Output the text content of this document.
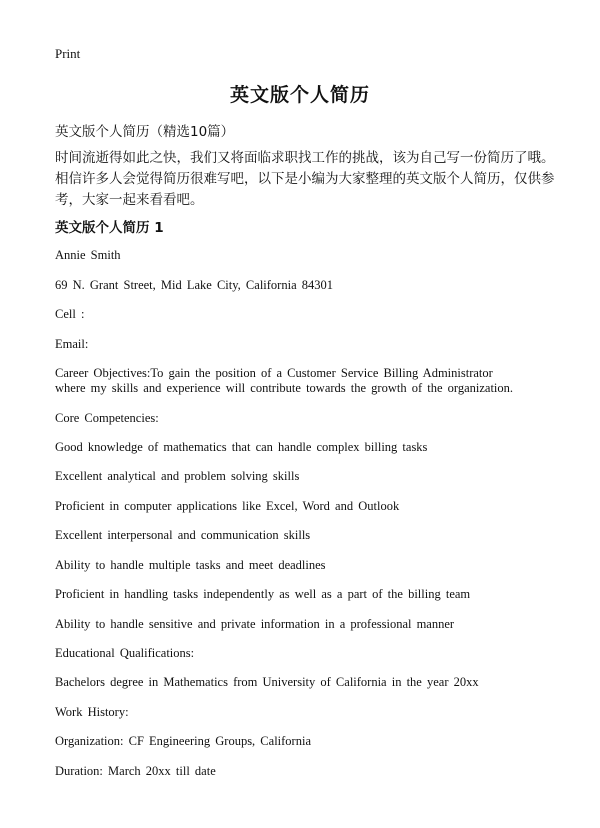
Print
英文版个人简历
英文版个人简历（精选10篇）
时间流逝得如此之快，我们又将面临求职找工作的挑战，该为自己写一份简历了哦。相信许多人会觉得简历很难写吧，以下是小编为大家整理的英文版个人简历，仅供参考，大家一起来看看吧。
英文版个人简历 1
Annie Smith
69 N. Grant Street, Mid Lake City, California 84301
Cell :
Email:
Career Objectives:To gain the position of a Customer Service Billing Administrator
where my skills and experience will contribute towards the growth of the organization.
Core Competencies:
Good knowledge of mathematics that can handle complex billing tasks
Excellent analytical and problem solving skills
Proficient in computer applications like Excel, Word and Outlook
Excellent interpersonal and communication skills
Ability to handle multiple tasks and meet deadlines
Proficient in handling tasks independently as well as a part of the billing team
Ability to handle sensitive and private information in a professional manner
Educational Qualifications:
Bachelors degree in Mathematics from University of California in the year 20xx
Work History:
Organization: CF Engineering Groups, California
Duration: March 20xx till date
